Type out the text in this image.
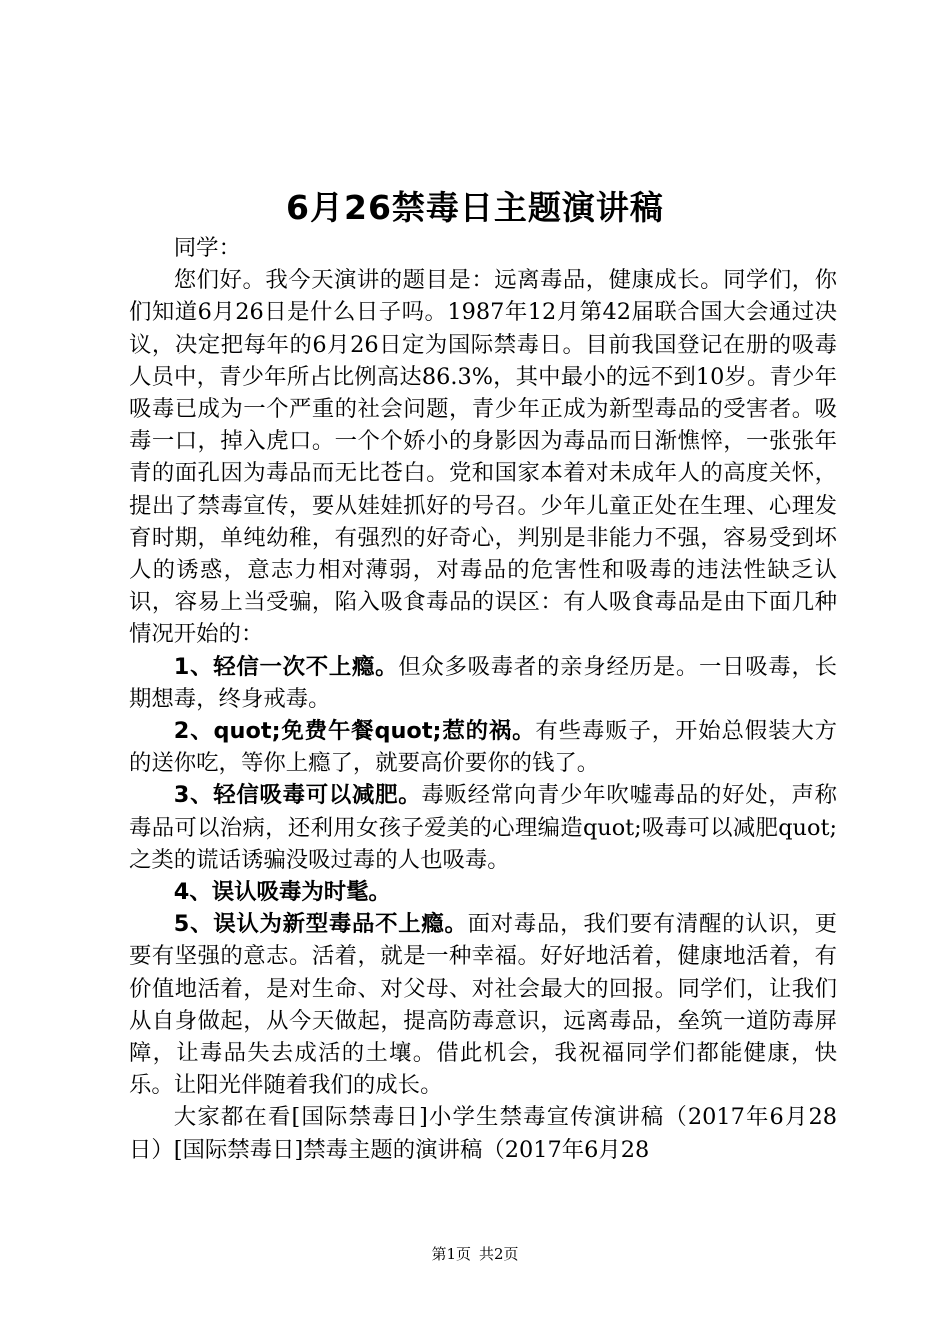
6月26禁毒日主题演讲稿

同学：

您们好。我今天演讲的题目是：远离毒品，健康成长。同学们，你们知道6月26日是什么日子吗。1987年12月第42届联合国大会通过决议，决定把每年的6月26日定为国际禁毒日。目前我国登记在册的吸毒人员中，青少年所占比例高达86.3%，其中最小的远不到10岁。青少年吸毒已成为一个严重的社会问题，青少年正成为新型毒品的受害者。吸毒一口，掉入虎口。一个个娇小的身影因为毒品而日渐憔悴，一张张年青的面孔因为毒品而无比苍白。党和国家本着对未成年人的高度关怀，提出了禁毒宣传，要从娃娃抓好的号召。少年儿童正处在生理、心理发育时期，单纯幼稚，有强烈的好奇心，判别是非能力不强，容易受到坏人的诱惑，意志力相对薄弱，对毒品的危害性和吸毒的违法性缺乏认识，容易上当受骗，陷入吸食毒品的误区：有人吸食毒品是由下面几种情况开始的：

1、轻信一次不上瘾。但众多吸毒者的亲身经历是。一日吸毒，长期想毒，终身戒毒。

2、quot;免费午餐quot;惹的祸。有些毒贩子，开始总假装大方的送你吃，等你上瘾了，就要高价要你的钱了。

3、轻信吸毒可以减肥。毒贩经常向青少年吹嘘毒品的好处，声称毒品可以治病，还利用女孩子爱美的心理编造quot;吸毒可以减肥quot;之类的谎话诱骗没吸过毒的人也吸毒。

4、误认吸毒为时髦。

5、误认为新型毒品不上瘾。面对毒品，我们要有清醒的认识，更要有坚强的意志。活着，就是一种幸福。好好地活着，健康地活着，有价值地活着，是对生命、对父母、对社会最大的回报。同学们，让我们从自身做起，从今天做起，提高防毒意识，远离毒品，垒筑一道防毒屏障，让毒品失去成活的土壤。借此机会，我祝福同学们都能健康，快乐。让阳光伴随着我们的成长。

大家都在看[国际禁毒日]小学生禁毒宣传演讲稿（2017年6月28日）[国际禁毒日]禁毒主题的演讲稿（2017年6月28

第1页 共2页
